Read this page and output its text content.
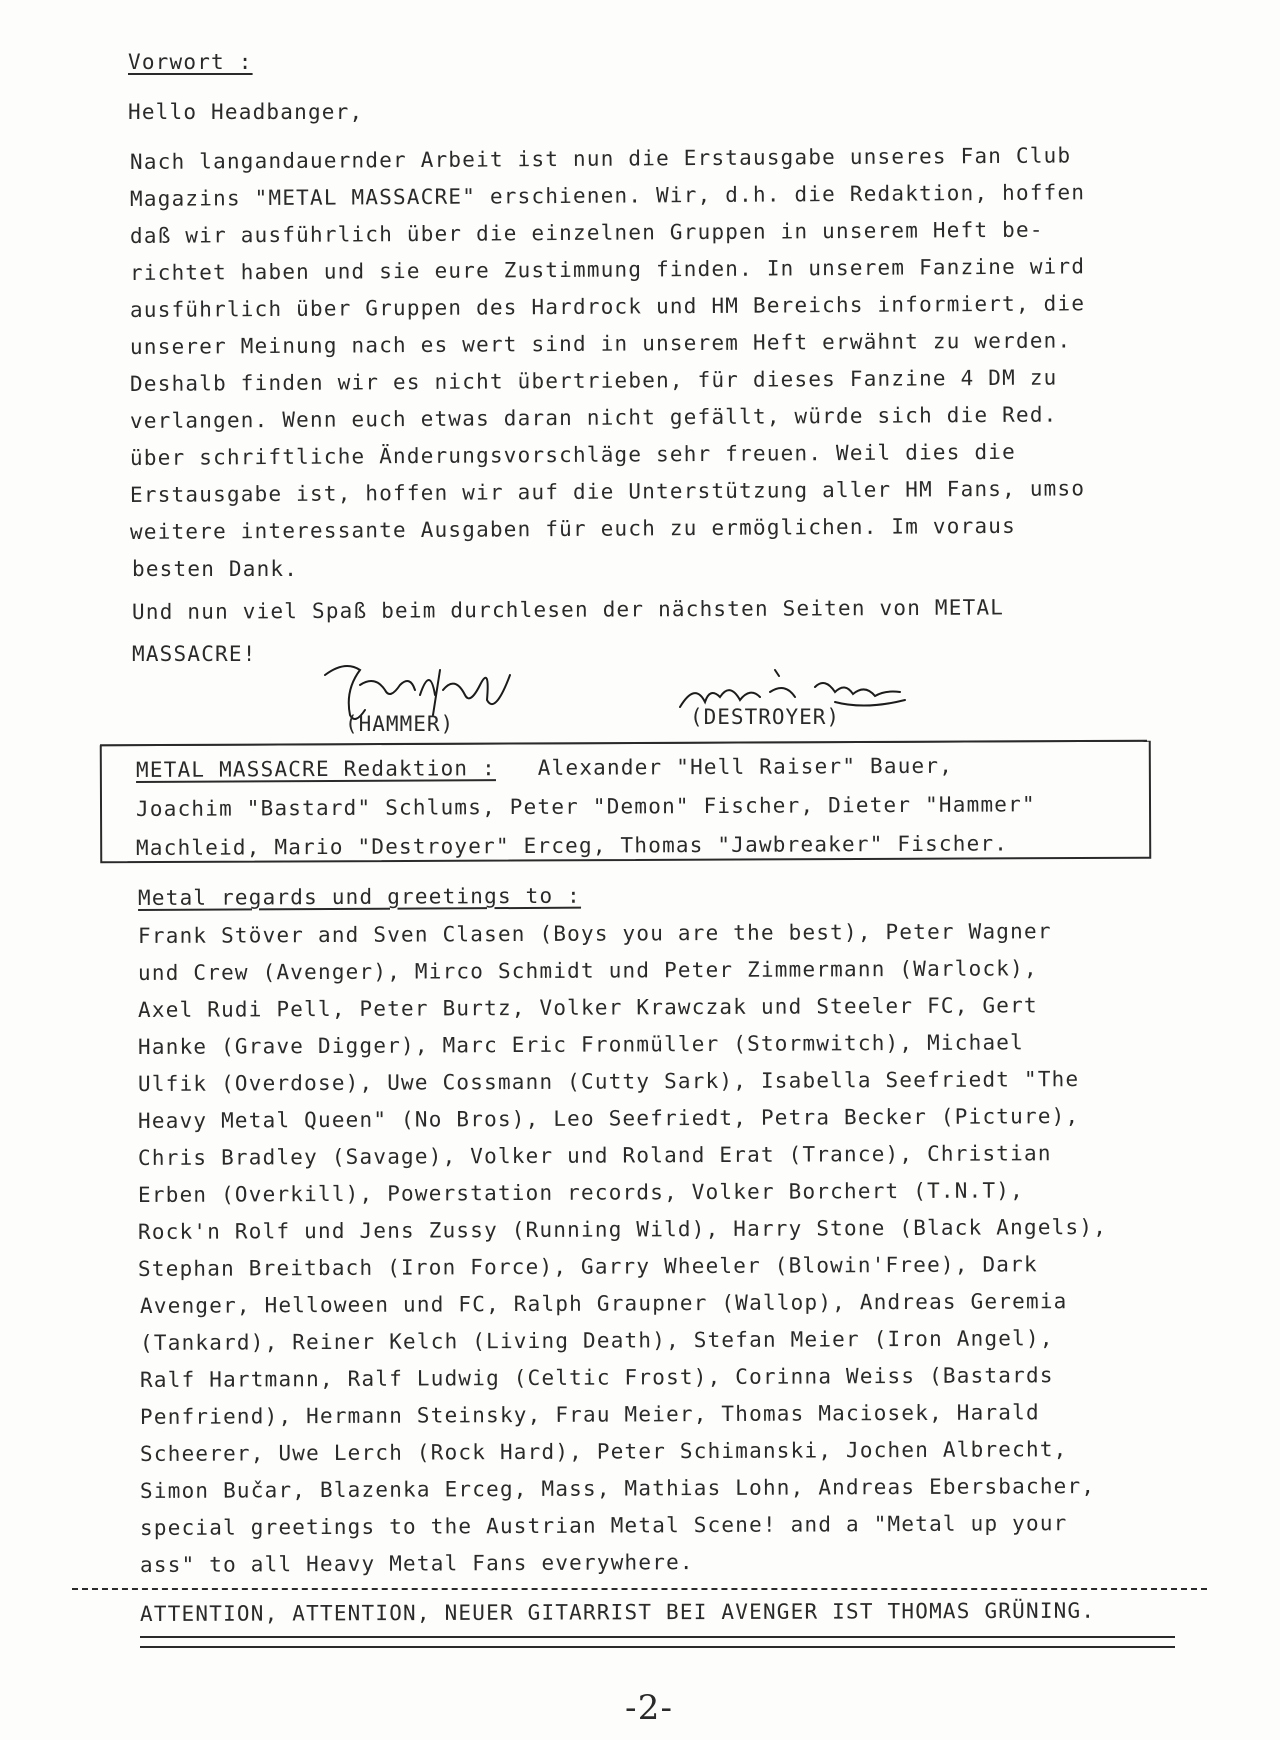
Vorwort :
Hello Headbanger,
Nach langandauernder Arbeit ist nun die Erstausgabe unseres Fan Club
Magazins "METAL MASSACRE" erschienen. Wir, d.h. die Redaktion, hoffen
daß wir ausführlich über die einzelnen Gruppen in unserem Heft be-
richtet haben und sie eure Zustimmung finden. In unserem Fanzine wird
ausführlich über Gruppen des Hardrock und HM Bereichs informiert, die
unserer Meinung nach es wert sind in unserem Heft erwähnt zu werden.
Deshalb finden wir es nicht übertrieben, für dieses Fanzine 4 DM zu
verlangen. Wenn euch etwas daran nicht gefällt, würde sich die Red.
über schriftliche Änderungsvorschläge sehr freuen. Weil dies die
Erstausgabe ist, hoffen wir auf die Unterstützung aller HM Fans, umso
weitere interessante Ausgaben für euch zu ermöglichen. Im voraus
besten Dank.
Und nun viel Spaß beim durchlesen der nächsten Seiten von METAL
MASSACRE!
(HAMMER)	(DESTROYER)
METAL MASSACRE Redaktion : Alexander "Hell Raiser" Bauer,
Joachim "Bastard" Schlums, Peter "Demon" Fischer, Dieter "Hammer"
Machleid, Mario "Destroyer" Erceg, Thomas "Jawbreaker" Fischer.
Metal regards und greetings to :
Frank Stöver and Sven Clasen (Boys you are the best), Peter Wagner
und Crew (Avenger), Mirco Schmidt und Peter Zimmermann (Warlock),
Axel Rudi Pell, Peter Burtz, Volker Krawczak und Steeler FC, Gert
Hanke (Grave Digger), Marc Eric Fronmüller (Stormwitch), Michael
Ulfik (Overdose), Uwe Cossmann (Cutty Sark), Isabella Seefriedt "The
Heavy Metal Queen" (No Bros), Leo Seefriedt, Petra Becker (Picture),
Chris Bradley (Savage), Volker und Roland Erat (Trance), Christian
Erben (Overkill), Powerstation records, Volker Borchert (T.N.T),
Rock'n Rolf und Jens Zussy (Running Wild), Harry Stone (Black Angels),
Stephan Breitbach (Iron Force), Garry Wheeler (Blowin'Free), Dark
Avenger, Helloween und FC, Ralph Graupner (Wallop), Andreas Geremia
(Tankard), Reiner Kelch (Living Death), Stefan Meier (Iron Angel),
Ralf Hartmann, Ralf Ludwig (Celtic Frost), Corinna Weiss (Bastards
Penfriend), Hermann Steinsky, Frau Meier, Thomas Maciosek, Harald
Scheerer, Uwe Lerch (Rock Hard), Peter Schimanski, Jochen Albrecht,
Simon Bučar, Blazenka Erceg, Mass, Mathias Lohn, Andreas Ebersbacher,
special greetings to the Austrian Metal Scene! and a "Metal up your
ass" to all Heavy Metal Fans everywhere.
ATTENTION, ATTENTION, NEUER GITARRIST BEI AVENGER IST THOMAS GRÜNING.
-2-
